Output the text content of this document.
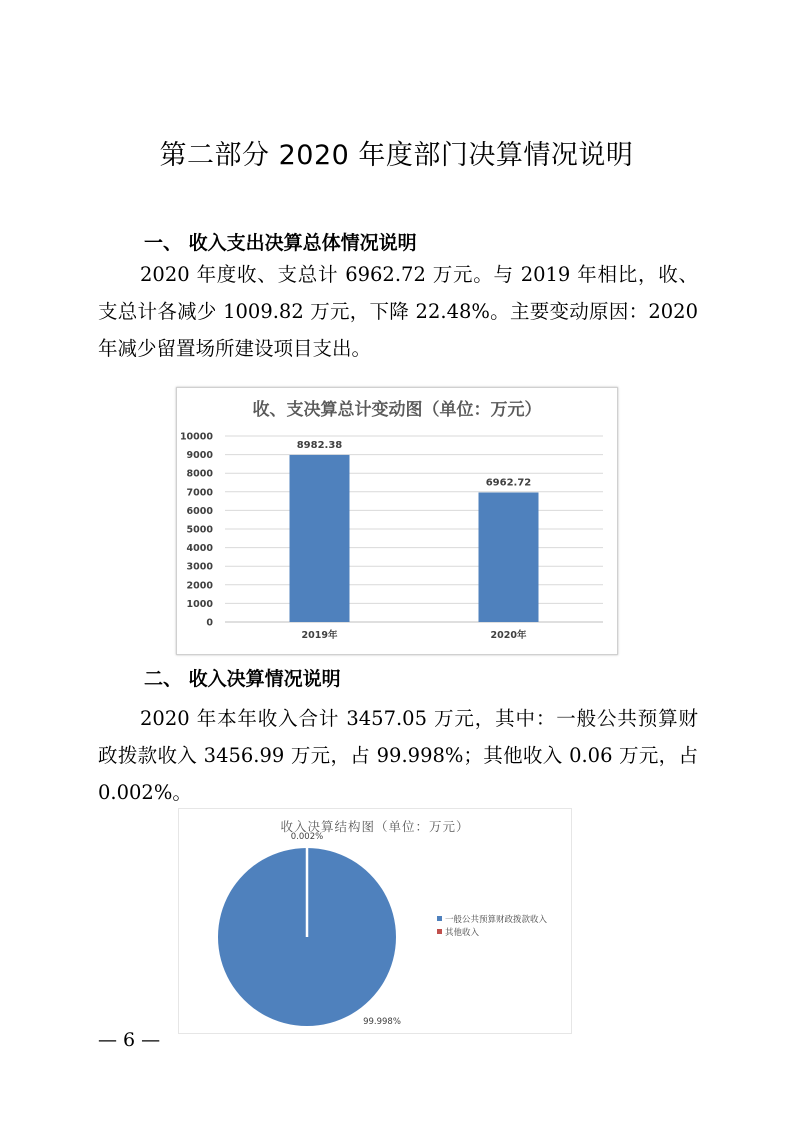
第二部分 2020 年度部门决算情况说明
一、 收入支出决算总体情况说明
2020 年度收、支总计 6962.72 万元。与 2019 年相比，收、
支总计各减少 1009.82 万元，下降 22.48%。主要变动原因：2020
年减少留置场所建设项目支出。
收、支决算总计变动图（单位：万元）
0
1000
2000
3000
4000
5000
6000
7000
8000
9000
10000
8982.38
2019年
6962.72
2020年
二、 收入决算情况说明
2020 年本年收入合计 3457.05 万元，其中：一般公共预算财
政拨款收入 3456.99 万元，占 99.998%；其他收入 0.06 万元，占
0.002%。
收入决算结构图（单位：万元）
0.002%
99.998%
一般公共预算财政拨款收入
其他收入
— 6 —
